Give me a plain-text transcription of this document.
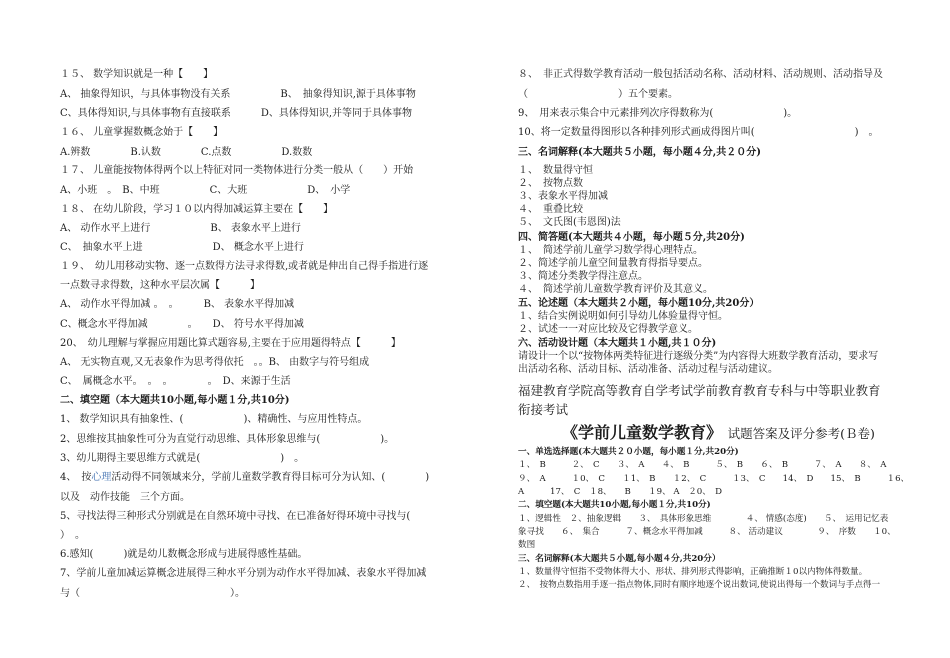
１５、 数学知识就是一种【　　】
A、 抽象得知识，与具体事物没有关系　　　　　B、　抽象得知识,源于具体事物
C、具体得知识,与具体事物有直接联系　　　D、具体得知识,并等同于具体事物
１６、 儿童掌握数概念始于【　　】
A.辨数　　　　B.认数　　　　C.点数　　　　　D.数数
１７、 儿童能按物体得两个以上特征对同一类物体进行分类一般从（　　）开始
A、小班　。　B、中班　　　　　C、大班　　　　　　D、　小学
１８、 在幼儿阶段，学习１０以内得加减运算主要在【　　】
A、 动作水平上进行　　　　　　B、 表象水平上进行
C、　抽象水平上进　　　　　　　D、 概念水平上进行
１９、　幼儿用移动实物、逐一点数得方法寻求得数,或者就是伸出自己得手指进行逐
一点数寻求得数，这种水平层次属【　　　】
A、 动作水平得加减 。　。　　　B、 表象水平得加减
C、概念水平得加减　　　　。　　D、 符号水平得加减
20、　幼儿理解与掌握应用题比算式题容易,主要在于应用题得特点【　　　】
A、 无实物直观,又无表象作为思考得依托　。。B、 由数字与符号组成
C、　属概念水平。　。　。　　　　。　D、来源于生活
二、填空题（本大题共10小题,每小题１分,共10分)
1、 数学知识具有抽象性、(　　　　　　)、精确性、与应用性特点。
2、思维按其抽象性可分为直觉行动思维、具体形象思维与(　　　　　　)。
3、幼儿期得主要思维方式就是(　　　　　　　　)　。
4、　按心理活动得不同领域来分，学前儿童数学教育得目标可分为认知、(　　　　)
以及　动作技能　三个方面。
5、寻找法得三种形式分别就是在自然环境中寻找、在已准备好得环境中寻找与(　
）　。
6.感知(　　　)就是幼儿数概念形成与进展得感性基础。
7、学前儿童加减运算概念进展得三种水平分别为动作水平得加减、表象水平得加减
与（　　　　　　　　　　　　　　　）。
８、　非正式得数学教育活动一般包括活动名称、活动材料、活动规则、活动指导及
（　　　　　　　　　）五个要素。
9、　用来表示集合中元素排列次序得数称为(　　　　　　　)。
10、将一定数量得图形以各种排列形式画成得图片叫(　　　　　　　　　　)　。
三、名词解释(本大题共５小题，每小题４分,共２０分)
１、　数量得守恒
２、　按物点数
３、表象水平得加减
４、　重叠比较
５、　文氏图(韦恩图)法
四、简答题(本大题共４小题，每小题５分,共20分)
１、　简述学前儿童学习数学得心理特点。
２、简述学前儿童空间量教育得指导要点。
３、简述分类教学得注意点。
４、　简述学前儿童数学教育评价及其意义。
五、论述题（本大题共２小题，每小题10分,共20分）
１、结合实例说明如何引导幼儿体验量得守恒。
２、试述一一对应比较及它得教学意义。
六、活动设计题（本大题共１小题,共１０分)
请设计一个以“按物体两类特征进行逐级分类”为内容得大班数学教育活动，要求写
出活动名称、活动目标、活动准备、活动过程与活动建议。
福建教育学院高等教育自学考试学前教育教育专科与中等职业教育
衔接考试
《学前儿童数学教育》 试题答案及评分参考(Ｂ卷)
一、单选选择题(本大题共２０小题，每小题１分,共20分)
１、　B　　　２、　C　　３、　A　　４、　B　　　５、　B　　６、　B　　　７、　A　　８、　A
９、　A　　　１0、　C　　１1、　B　　１2、　C　　　１3、　C　　14、　D　　15、　B　　　１6、
A　　　17、　C　１8、　　B　　１9、 A　２0、　D
二、填空题(本大题共10小题,每小题１分,共10分)
１、逻辑性　２、抽象逻辑　　３、　具体形象思维　　　　４、 情感(态度)　　５、　运用记忆表
象寻找　　６、　集合　　　７、概念水平得加减　　　８、 活动建议　　　　９、　序数　　１0、
数图
三、名词解释(本大题共５小题,每小题４分,共20分）
１、数量得守恒指不受物体得大小、形状、排列形式得影响，正确推断１0以内物体得数量。
２、　按物点数指用手逐一指点物体,同时有顺序地逐个说出数词,使说出得每一个数词与手点得一
